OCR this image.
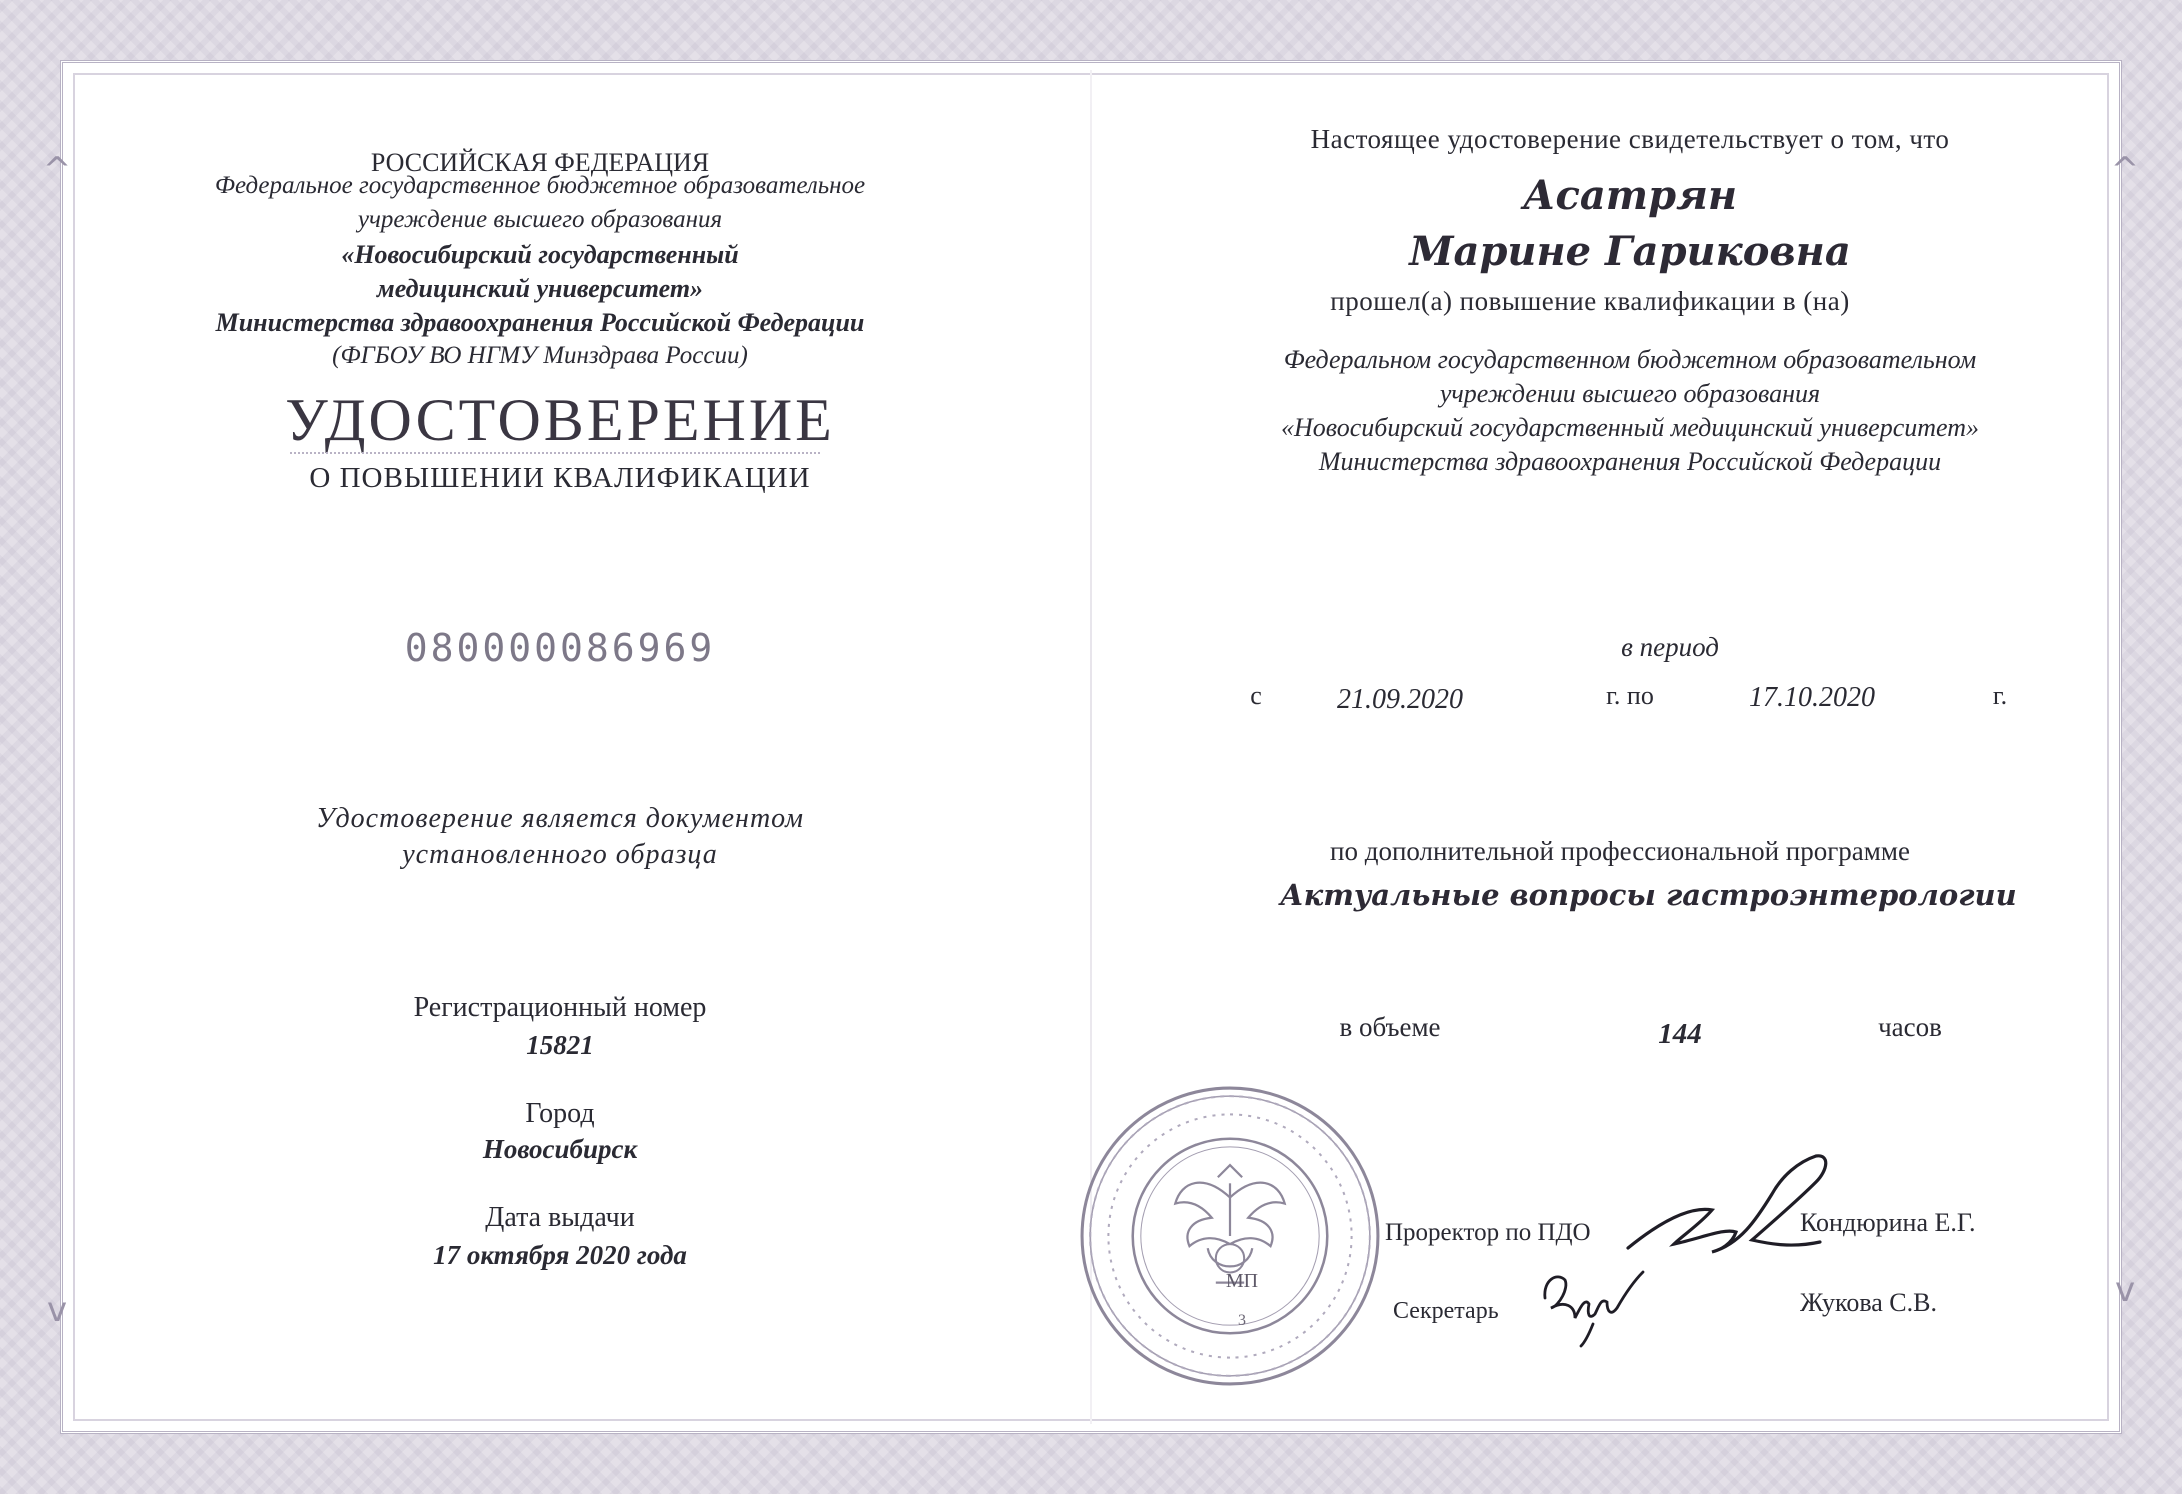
^
v
^
v
РОССИЙСКАЯ ФЕДЕРАЦИЯ
Федеральное государственное бюджетное образовательное
учреждение высшего образования
«Новосибирский государственный
медицинский университет»
Министерства здравоохранения Российской Федерации
(ФГБОУ ВО НГМУ Минздрава России)
УДОСТОВЕРЕНИЕ
О ПОВЫШЕНИИ КВАЛИФИКАЦИИ
080000086969
Удостоверение является документом
установленного образца
Регистрационный номер
15821
Город
Новосибирск
Дата выдачи
17 октября 2020 года
Настоящее удостоверение свидетельствует о том, что
Асатрян
Марине Гариковна
прошел(а) повышение квалификации в (на)
Федеральном государственном бюджетном образовательном
учреждении высшего образования
«Новосибирский государственный медицинский университет»
Министерства здравоохранения Российской Федерации
в период
с	21.09.2020	г. по	17.10.2020	г.
по дополнительной профессиональной программе
Актуальные вопросы гастроэнтерологии
в объеме	144	часов
МП
3
Проректор по ПДО	Кондюрина Е.Г.
Секретарь	Жукова С.В.
